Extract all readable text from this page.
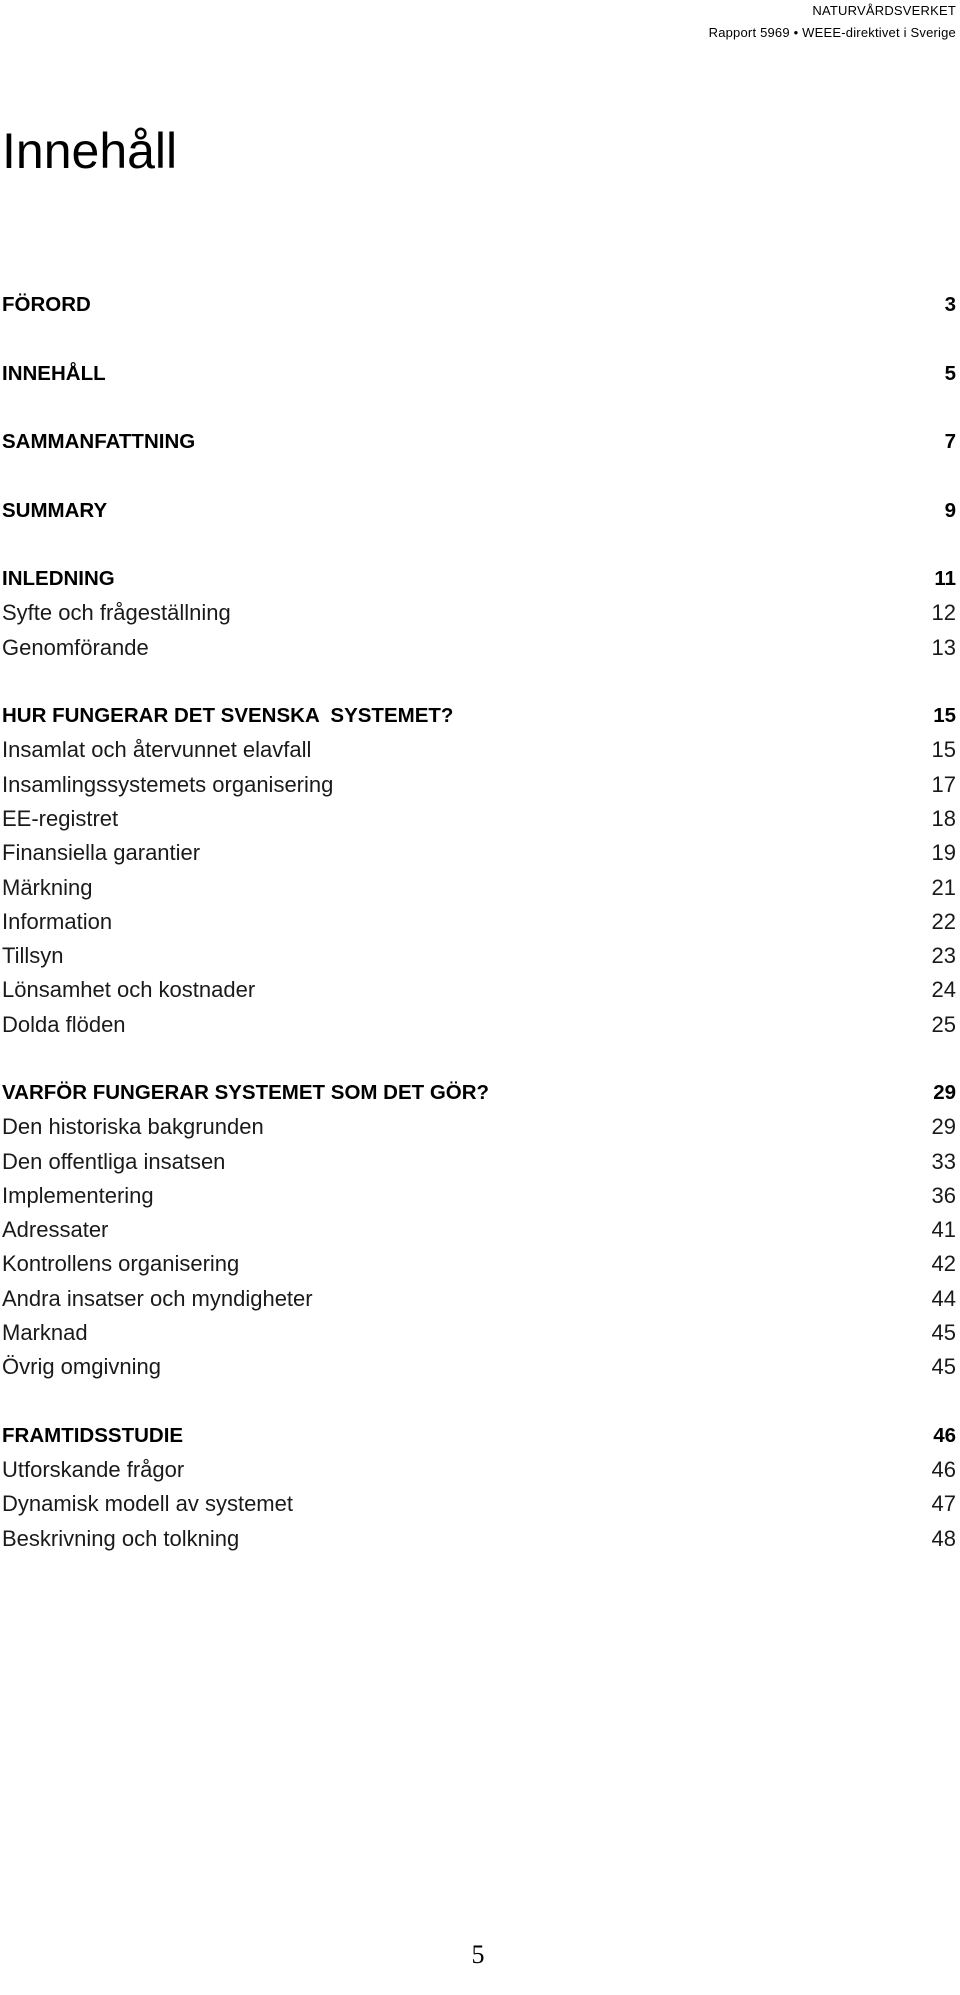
NATURVÅRDSVERKET
Rapport 5969 • WEEE-direktivet i Sverige
Innehåll
FÖRORD	3
INNEHÅLL	5
SAMMANFATTNING	7
SUMMARY	9
INLEDNING	11
Syfte och frågeställning	12
Genomförande	13
HUR FUNGERAR DET SVENSKA  SYSTEMET?	15
Insamlat och återvunnet elavfall	15
Insamlingssystemets organisering	17
EE-registret	18
Finansiella garantier	19
Märkning	21
Information	22
Tillsyn	23
Lönsamhet och kostnader	24
Dolda flöden	25
VARFÖR FUNGERAR SYSTEMET SOM DET GÖR?	29
Den historiska bakgrunden	29
Den offentliga insatsen	33
Implementering	36
Adressater	41
Kontrollens organisering	42
Andra insatser och myndigheter	44
Marknad	45
Övrig omgivning	45
FRAMTIDSSTUDIE	46
Utforskande frågor	46
Dynamisk modell av systemet	47
Beskrivning och tolkning	48
5
